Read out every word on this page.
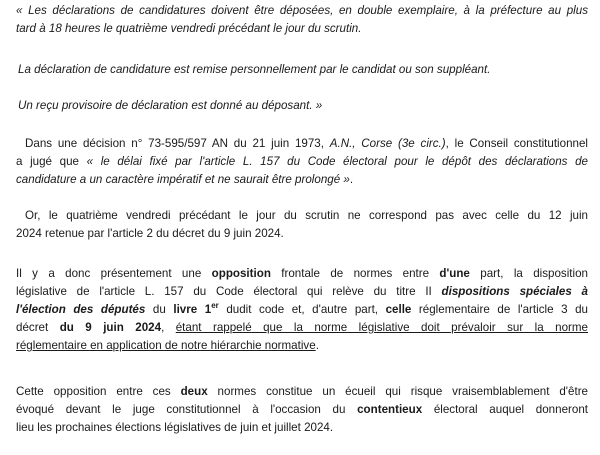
« Les déclarations de candidatures doivent être déposées, en double exemplaire, à la préfecture au plus
tard à 18 heures le quatrième vendredi précédant le jour du scrutin.

La déclaration de candidature est remise personnellement par le candidat ou son suppléant.

Un reçu provisoire de déclaration est donné au déposant. »

Dans une décision n° 73-595/597 AN du 21 juin 1973, A.N., Corse (3e circ.), le Conseil constitutionnel
a jugé que « le délai fixé par l'article L. 157 du Code électoral pour le dépôt des déclarations de
candidature a un caractère impératif et ne saurait être prolongé ».

Or, le quatrième vendredi précédant le jour du scrutin ne correspond pas avec celle du 12 juin
2024 retenue par l'article 2 du décret du 9 juin 2024.

Il y a donc présentement une opposition frontale de normes entre d'une part, la disposition
législative de l'article L. 157 du Code électoral qui relève du titre II dispositions spéciales à
l'élection des députés du livre 1er dudit code et, d'autre part, celle réglementaire de l'article 3 du
décret du 9 juin 2024, étant rappelé que la norme législative doit prévaloir sur la norme
réglementaire en application de notre hiérarchie normative.

Cette opposition entre ces deux normes constitue un écueil qui risque vraisemblablement d'être
évoqué devant le juge constitutionnel à l'occasion du contentieux électoral auquel donneront
lieu les prochaines élections législatives de juin et juillet 2024.
